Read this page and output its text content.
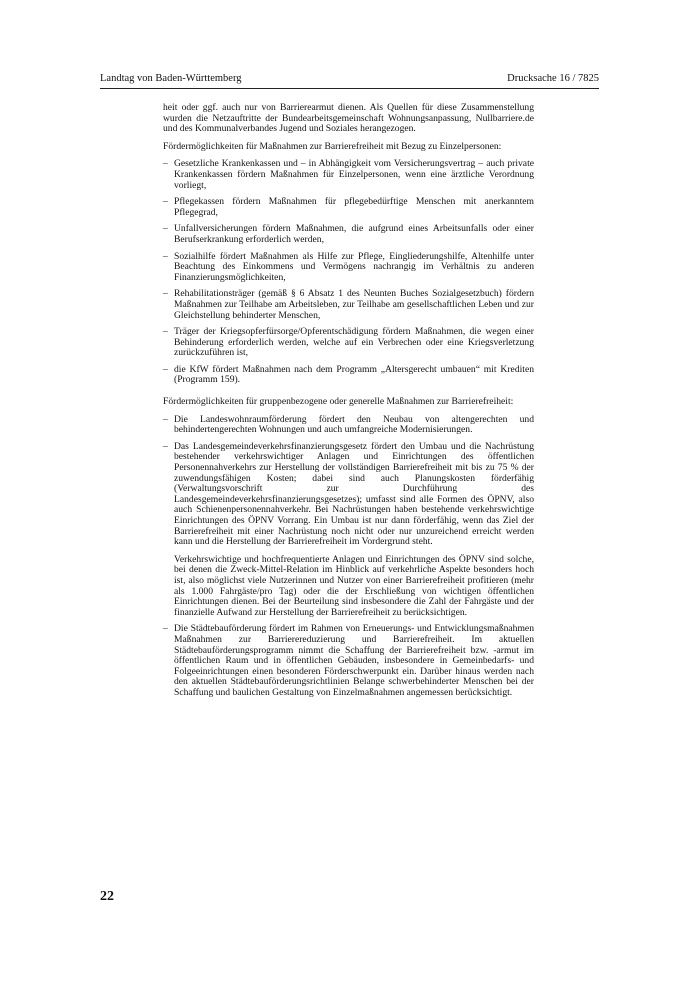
Landtag von Baden-Württemberg	Drucksache 16 / 7825

heit oder ggf. auch nur von Barrierearmut dienen. Als Quellen für diese Zusammenstellung wurden die Netzauftritte der Bundearbeitsgemeinschaft Wohnungsanpassung, Nullbarriere.de und des Kommunalverbandes Jugend und Soziales herangezogen.

Fördermöglichkeiten für Maßnahmen zur Barrierefreiheit mit Bezug zu Einzelpersonen:

– Gesetzliche Krankenkassen und – in Abhängigkeit vom Versicherungsvertrag – auch private Krankenkassen fördern Maßnahmen für Einzelpersonen, wenn eine ärztliche Verordnung vorliegt,
– Pflegekassen fördern Maßnahmen für pflegebedürftige Menschen mit anerkanntem Pflegegrad,
– Unfallversicherungen fördern Maßnahmen, die aufgrund eines Arbeitsunfalls oder einer Berufserkrankung erforderlich werden,
– Sozialhilfe fördert Maßnahmen als Hilfe zur Pflege, Eingliederungshilfe, Altenhilfe unter Beachtung des Einkommens und Vermögens nachrangig im Verhältnis zu anderen Finanzierungsmöglichkeiten,
– Rehabilitationsträger (gemäß § 6 Absatz 1 des Neunten Buches Sozialgesetzbuch) fördern Maßnahmen zur Teilhabe am Arbeitsleben, zur Teilhabe am gesellschaftlichen Leben und zur Gleichstellung behinderter Menschen,
– Träger der Kriegsopferfürsorge/Opferentschädigung fördern Maßnahmen, die wegen einer Behinderung erforderlich werden, welche auf ein Verbrechen oder eine Kriegsverletzung zurückzuführen ist,
– die KfW fördert Maßnahmen nach dem Programm „Altersgerecht umbauen“ mit Krediten (Programm 159).

Fördermöglichkeiten für gruppenbezogene oder generelle Maßnahmen zur Barrierefreiheit:

– Die Landeswohnraumförderung fördert den Neubau von altengerechten und behindertengerechten Wohnungen und auch umfangreiche Modernisierungen.
– Das Landesgemeindeverkehrsfinanzierungsgesetz fördert den Umbau und die Nachrüstung bestehender verkehrswichtiger Anlagen und Einrichtungen des öffentlichen Personennahverkehrs zur Herstellung der vollständigen Barrierefreiheit mit bis zu 75 % der zuwendungsfähigen Kosten; dabei sind auch Planungskosten förderfähig (Verwaltungsvorschrift zur Durchführung des Landesgemeindeverkehrsfinanzierungsgesetzes); umfasst sind alle Formen des ÖPNV, also auch Schienenpersonennahverkehr. Bei Nachrüstungen haben bestehende verkehrswichtige Einrichtungen des ÖPNV Vorrang. Ein Umbau ist nur dann förderfähig, wenn das Ziel der Barrierefreiheit mit einer Nachrüstung noch nicht oder nur unzureichend erreicht werden kann und die Herstellung der Barrierefreiheit im Vordergrund steht.
Verkehrswichtige und hochfrequentierte Anlagen und Einrichtungen des ÖPNV sind solche, bei denen die Zweck-Mittel-Relation im Hinblick auf verkehrliche Aspekte besonders hoch ist, also möglichst viele Nutzerinnen und Nutzer von einer Barrierefreiheit profitieren (mehr als 1.000 Fahrgäste/pro Tag) oder die der Erschließung von wichtigen öffentlichen Einrichtungen dienen. Bei der Beurteilung sind insbesondere die Zahl der Fahrgäste und der finanzielle Aufwand zur Herstellung der Barrierefreiheit zu berücksichtigen.
– Die Städtebauförderung fördert im Rahmen von Erneuerungs- und Entwicklungsmaßnahmen Maßnahmen zur Barrierereduzierung und Barrierefreiheit. Im aktuellen Städtebauförderungsprogramm nimmt die Schaffung der Barrierefreiheit bzw. -armut im öffentlichen Raum und in öffentlichen Gebäuden, insbesondere in Gemeinbedarfs- und Folgeeinrichtungen einen besonderen Förderschwerpunkt ein. Darüber hinaus werden nach den aktuellen Städtebauförderungsrichtlinien Belange schwerbehinderter Menschen bei der Schaffung und baulichen Gestaltung von Einzelmaßnahmen angemessen berücksichtigt.
22
